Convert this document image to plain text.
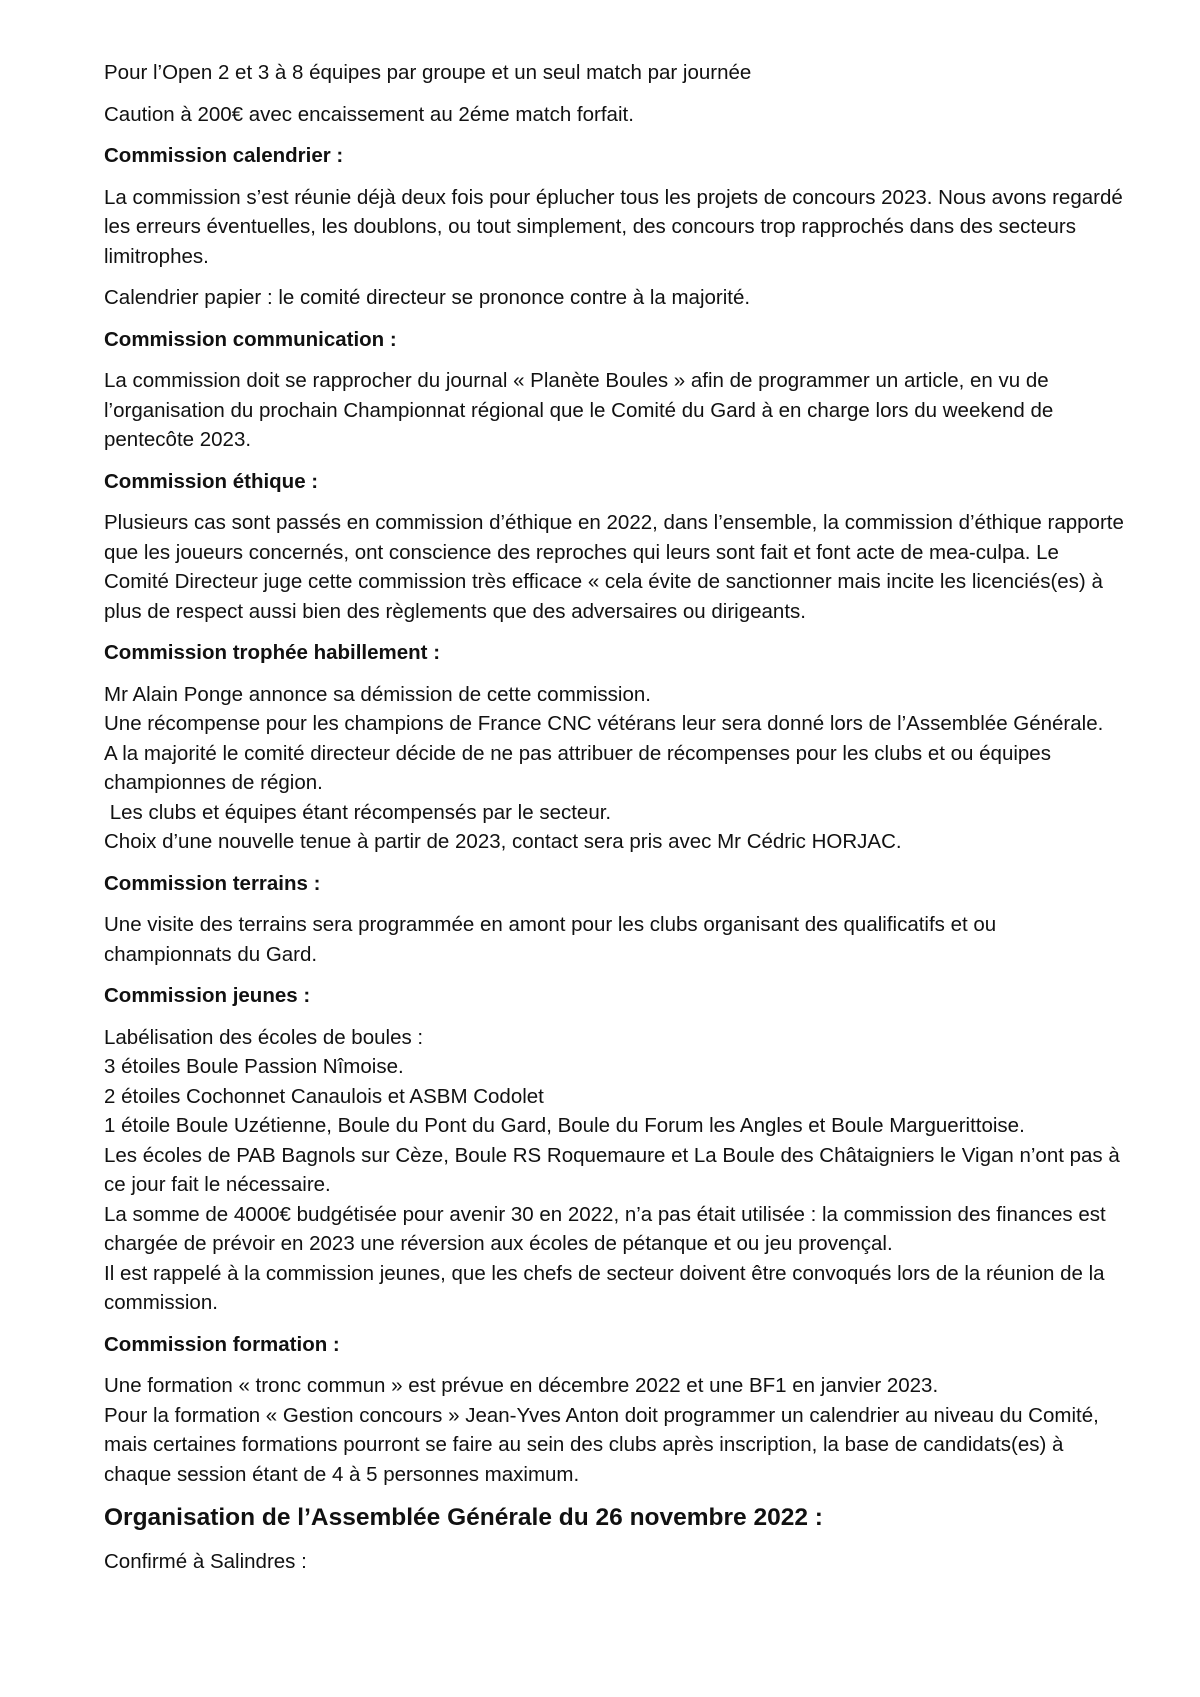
Pour l’Open 2 et 3 à 8 équipes par groupe et un seul match par journée

Caution à 200€ avec encaissement au 2éme match forfait.

Commission calendrier :

La commission s’est réunie déjà deux fois pour éplucher tous les projets de concours 2023. Nous avons regardé les erreurs éventuelles, les doublons, ou tout simplement, des concours trop rapprochés dans des secteurs limitrophes.

Calendrier papier : le comité directeur se prononce contre à la majorité.

Commission communication :

La commission doit se rapprocher du journal « Planète Boules » afin de programmer un article, en vu de l’organisation du prochain Championnat régional que le Comité du Gard à en charge lors du weekend de pentecôte 2023.

Commission éthique :

Plusieurs cas sont passés en commission d’éthique en 2022, dans l’ensemble, la commission d’éthique rapporte que les joueurs concernés, ont conscience des reproches qui leurs sont fait et font acte de mea-culpa. Le Comité Directeur juge cette commission très efficace « cela évite de sanctionner mais incite les licenciés(es) à plus de respect aussi bien des règlements que des adversaires ou dirigeants.

Commission trophée habillement :

Mr Alain Ponge annonce sa démission de cette commission.
Une récompense pour les champions de France CNC vétérans leur sera donné lors de l’Assemblée Générale.
A la majorité le comité directeur décide de ne pas attribuer de récompenses pour les clubs et ou équipes championnes de région.
Les clubs et équipes étant récompensés par le secteur.
Choix d’une nouvelle tenue à partir de 2023, contact sera pris avec Mr Cédric HORJAC.

Commission terrains :

Une visite des terrains sera programmée en amont pour les clubs organisant des qualificatifs et ou championnats du Gard.

Commission jeunes :

Labélisation des écoles de boules :
3 étoiles Boule Passion Nîmoise.
2 étoiles Cochonnet Canaulois et ASBM Codolet
1 étoile Boule Uzétienne, Boule du Pont du Gard, Boule du Forum les Angles et Boule Marguerittoise.
Les écoles de PAB Bagnols sur Cèze, Boule RS Roquemaure et La Boule des Châtaigniers le Vigan n’ont pas à ce jour fait le nécessaire.
La somme de 4000€ budgétisée pour avenir 30 en 2022, n’a pas était utilisée : la commission des finances est chargée de prévoir en 2023 une réversion aux écoles de pétanque et ou jeu provençal.
Il est rappelé à la commission jeunes, que les chefs de secteur doivent être convoqués lors de la réunion de la commission.

Commission formation :

Une formation « tronc commun » est prévue en décembre 2022 et une BF1 en janvier 2023.
Pour la formation « Gestion concours » Jean-Yves Anton doit programmer un calendrier au niveau du Comité, mais certaines formations pourront se faire au sein des clubs après inscription, la base de candidats(es) à chaque session étant de 4 à 5 personnes maximum.

Organisation de l’Assemblée Générale du 26 novembre 2022 :

Confirmé à Salindres :
